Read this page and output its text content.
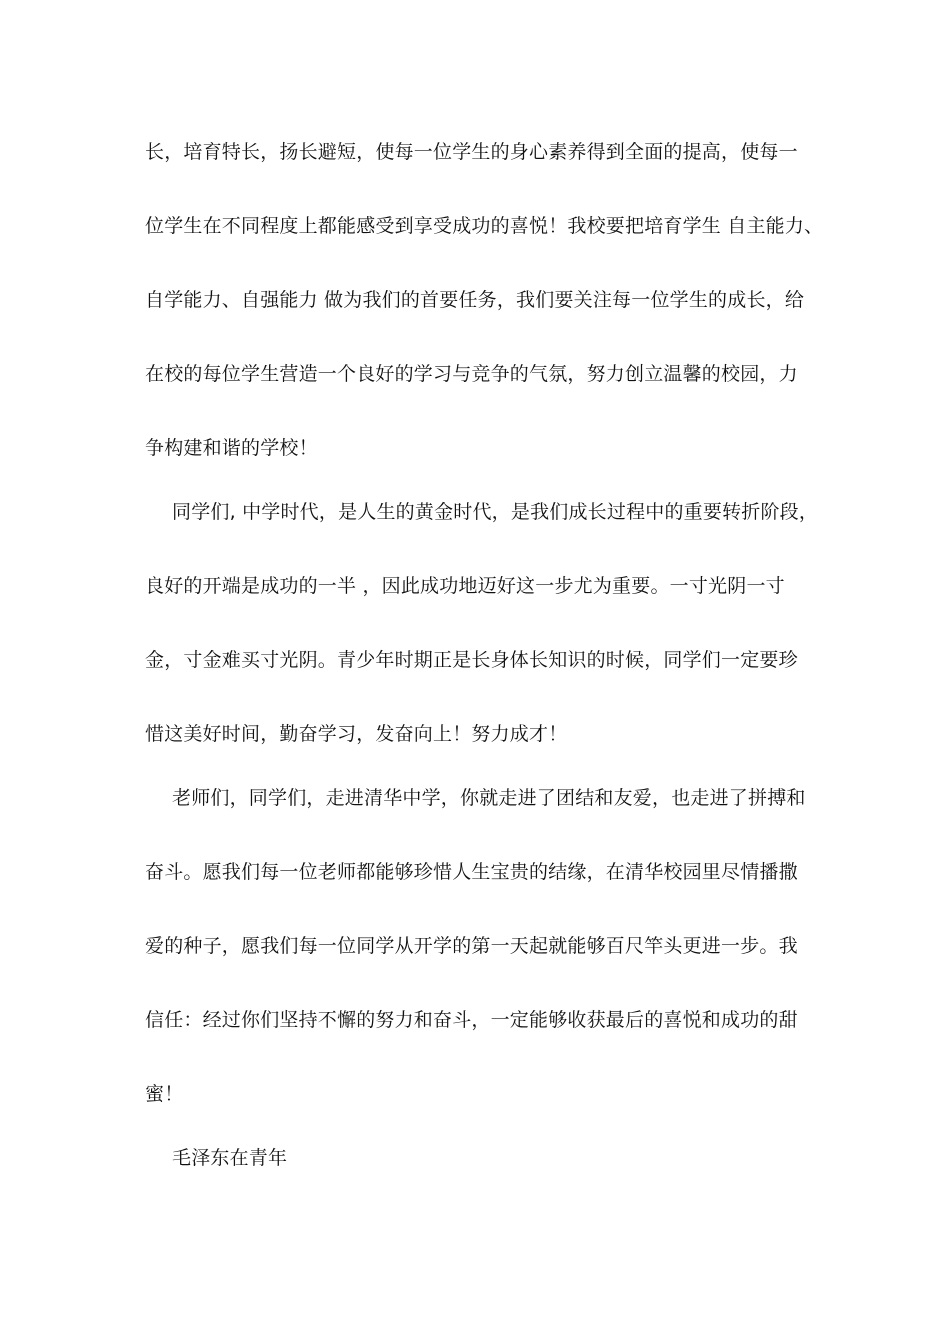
长，培育特长，扬长避短，使每一位学生的身心素养得到全面的提高，使每一
位学生在不同程度上都能感受到享受成功的喜悦！我校要把培育学生 自主能力、
自学能力、自强能力 做为我们的首要任务，我们要关注每一位学生的成长，给
在校的每位学生营造一个良好的学习与竞争的气氛，努力创立温馨的校园，力
争构建和谐的学校！
同学们, 中学时代，是人生的黄金时代，是我们成长过程中的重要转折阶段，
良好的开端是成功的一半 ，因此成功地迈好这一步尤为重要。一寸光阴一寸
金，寸金难买寸光阴。青少年时期正是长身体长知识的时候，同学们一定要珍
惜这美好时间，勤奋学习，发奋向上！努力成才！
老师们，同学们，走进清华中学，你就走进了团结和友爱，也走进了拼搏和
奋斗。愿我们每一位老师都能够珍惜人生宝贵的结缘，在清华校园里尽情播撒
爱的种子，愿我们每一位同学从开学的第一天起就能够百尺竿头更进一步。我
信任：经过你们坚持不懈的努力和奋斗，一定能够收获最后的喜悦和成功的甜
蜜！
毛泽东在青年
